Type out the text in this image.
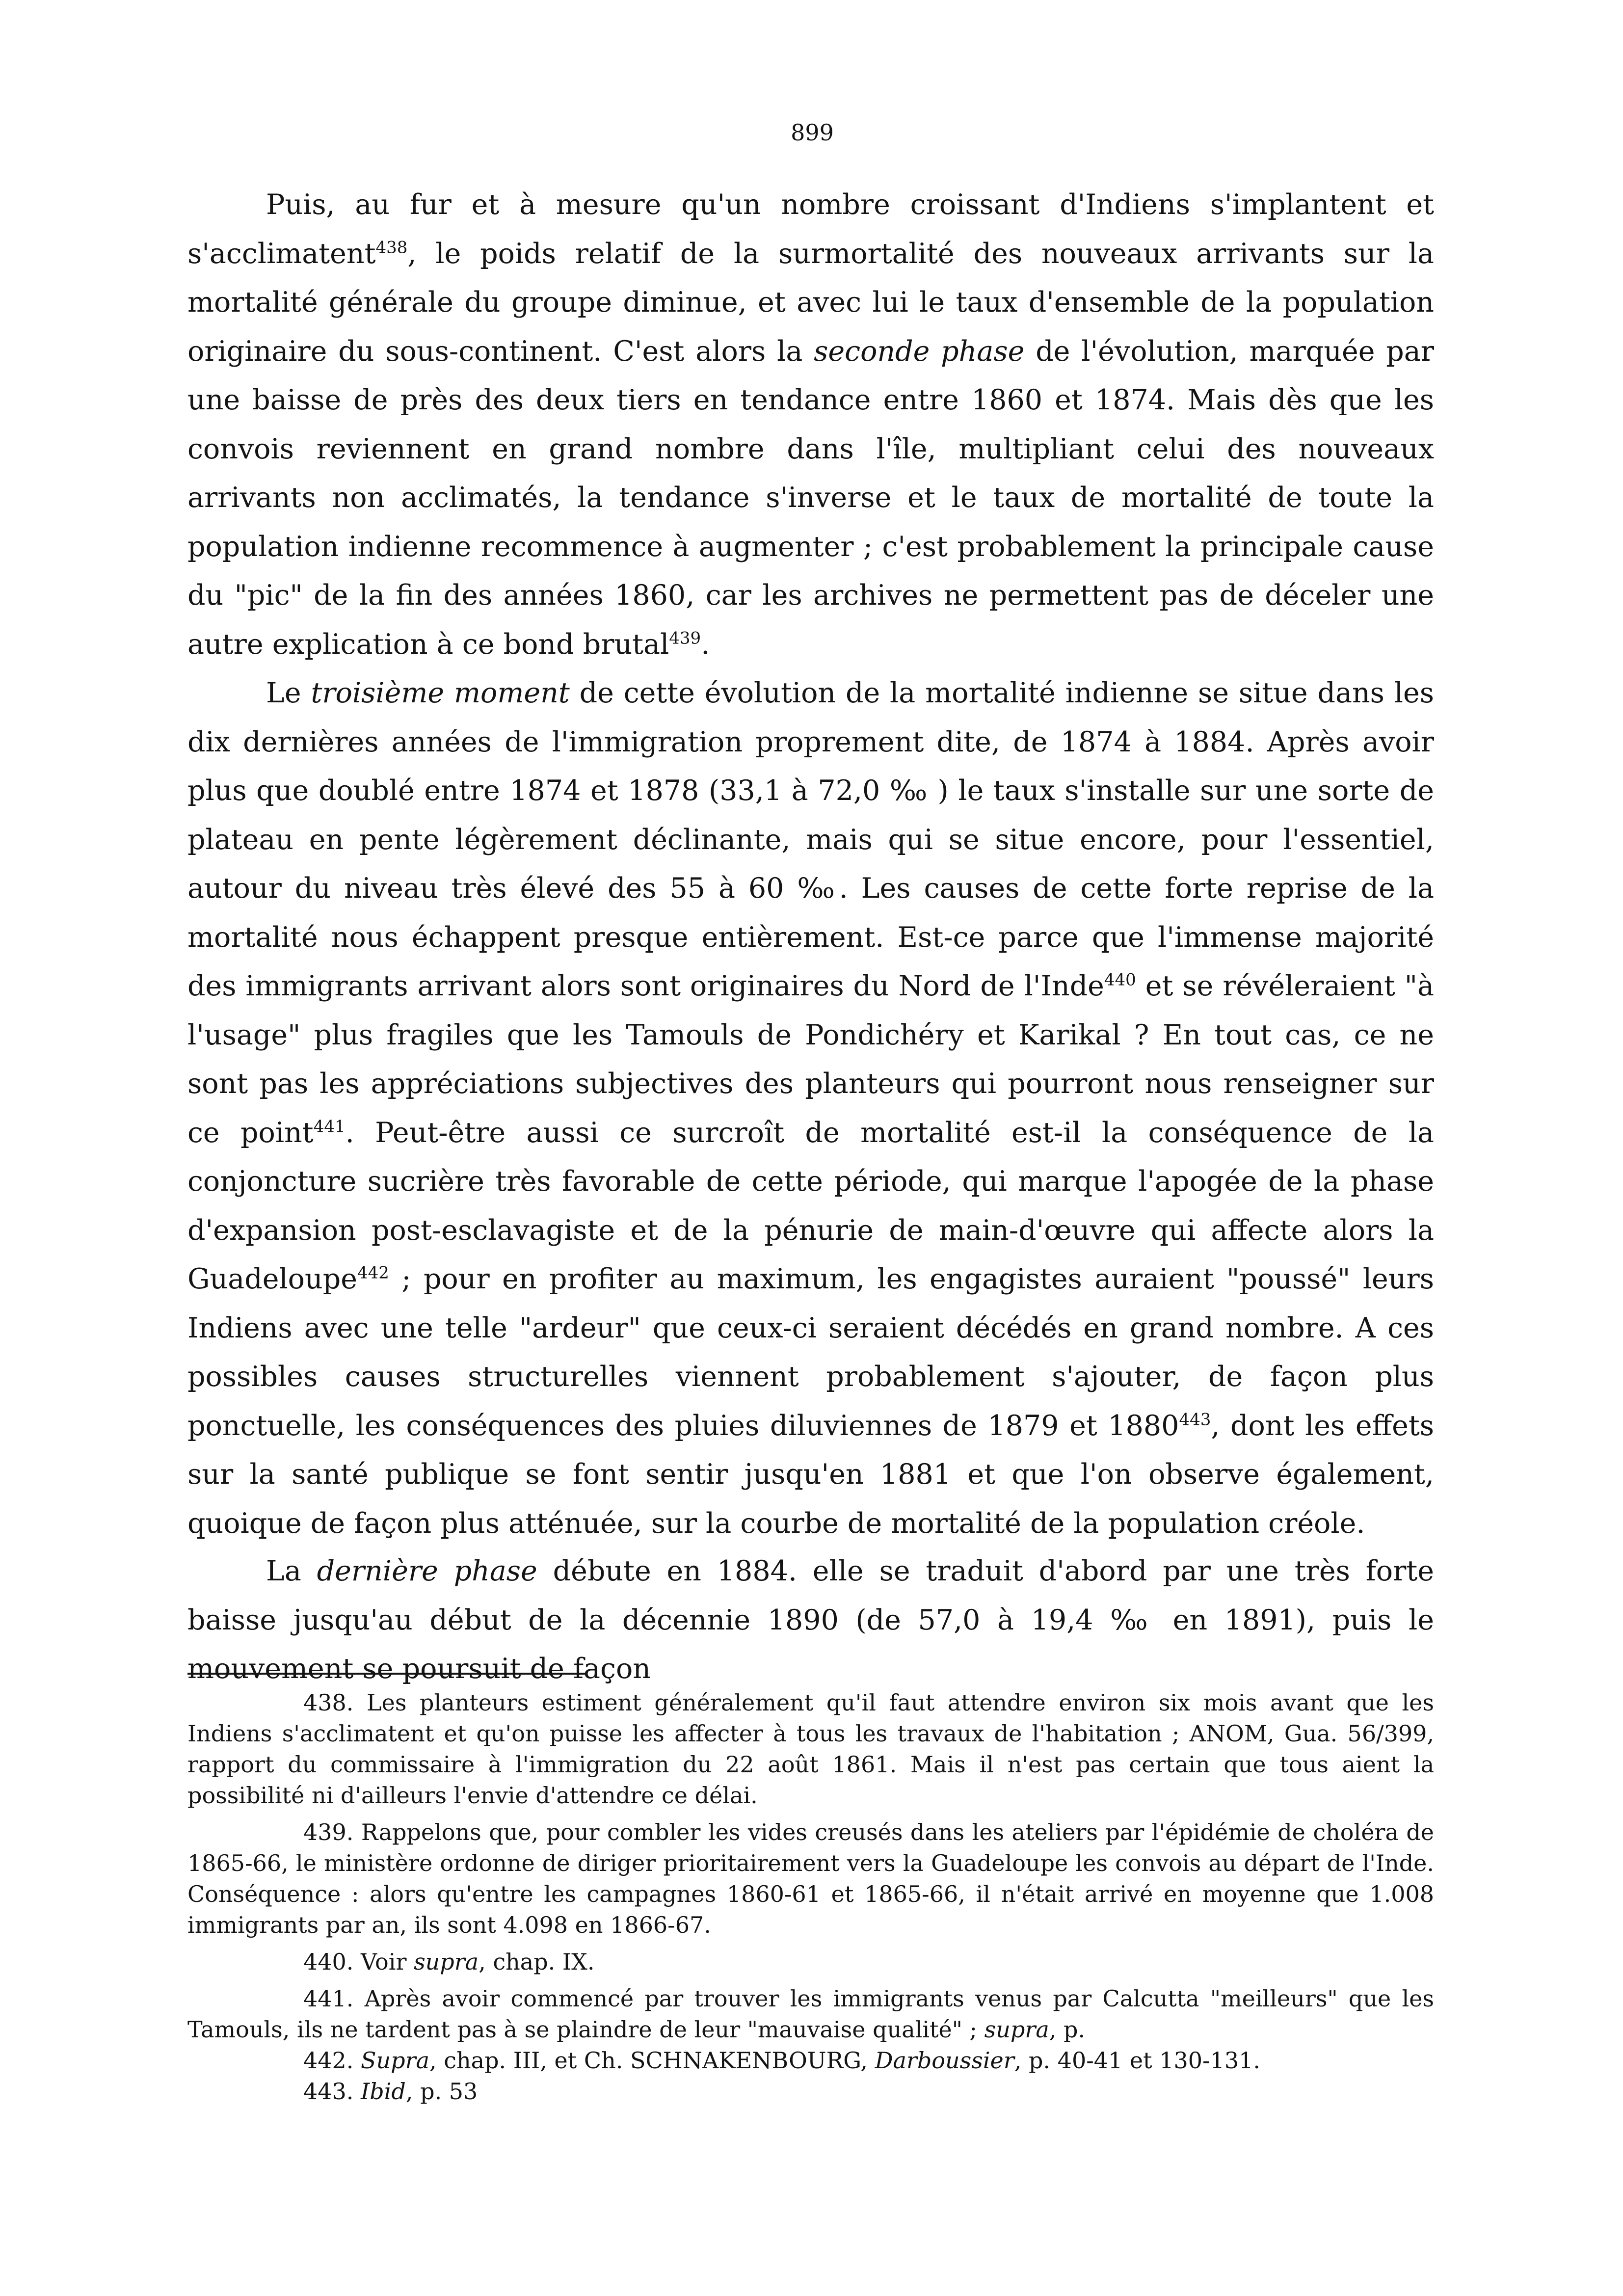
899

Puis, au fur et à mesure qu'un nombre croissant d'Indiens s'implantent et s'acclimatent$^{438}$, le poids relatif de la surmortalité des nouveaux arrivants sur la mortalité générale du groupe diminue, et avec lui le taux d'ensemble de la population originaire du sous-continent. C'est alors la seconde phase de l'évolution, marquée par une baisse de près des deux tiers en tendance entre 1860 et 1874. Mais dès que les convois reviennent en grand nombre dans l'île, multipliant celui des nouveaux arrivants non acclimatés, la tendance s'inverse et le taux de mortalité de toute la population indienne recommence à augmenter ; c'est probablement la principale cause du "pic" de la fin des années 1860, car les archives ne permettent pas de déceler une autre explication à ce bond brutal$^{439}$.

Le troisième moment de cette évolution de la mortalité indienne se situe dans les dix dernières années de l'immigration proprement dite, de 1874 à 1884. Après avoir plus que doublé entre 1874 et 1878 (33,1 à 72,0 ‰ ) le taux s'installe sur une sorte de plateau en pente légèrement déclinante, mais qui se situe encore, pour l'essentiel, autour du niveau très élevé des 55 à 60 ‰. Les causes de cette forte reprise de la mortalité nous échappent presque entièrement. Est-ce parce que l'immense majorité des immigrants arrivant alors sont originaires du Nord de l'Inde$^{440}$ et se révéleraient "à l'usage" plus fragiles que les Tamouls de Pondichéry et Karikal ? En tout cas, ce ne sont pas les appréciations subjectives des planteurs qui pourront nous renseigner sur ce point$^{441}$. Peut-être aussi ce surcroît de mortalité est-il la conséquence de la conjoncture sucrière très favorable de cette période, qui marque l'apogée de la phase d'expansion post-esclavagiste et de la pénurie de main-d'œuvre qui affecte alors la Guadeloupe$^{442}$ ; pour en profiter au maximum, les engagistes auraient "poussé" leurs Indiens avec une telle "ardeur" que ceux-ci seraient décédés en grand nombre. A ces possibles causes structurelles viennent probablement s'ajouter, de façon plus ponctuelle, les conséquences des pluies diluviennes de 1879 et 1880$^{443}$, dont les effets sur la santé publique se font sentir jusqu'en 1881 et que l'on observe également, quoique de façon plus atténuée, sur la courbe de mortalité de la population créole.

La dernière phase débute en 1884. elle se traduit d'abord par une très forte baisse jusqu'au début de la décennie 1890 (de 57,0 à 19,4 ‰ en 1891), puis le mouvement se poursuit de façon

438. Les planteurs estiment généralement qu'il faut attendre environ six mois avant que les Indiens s'acclimatent et qu'on puisse les affecter à tous les travaux de l'habitation ; ANOM, Gua. 56/399, rapport du commissaire à l'immigration du 22 août 1861. Mais il n'est pas certain que tous aient la possibilité ni d'ailleurs l'envie d'attendre ce délai.

439. Rappelons que, pour combler les vides creusés dans les ateliers par l'épidémie de choléra de 1865-66, le ministère ordonne de diriger prioritairement vers la Guadeloupe les convois au départ de l'Inde. Conséquence : alors qu'entre les campagnes 1860-61 et 1865-66, il n'était arrivé en moyenne que 1.008 immigrants par an, ils sont 4.098 en 1866-67.

440. Voir supra, chap. IX.

441. Après avoir commencé par trouver les immigrants venus par Calcutta "meilleurs" que les Tamouls, ils ne tardent pas à se plaindre de leur "mauvaise qualité" ; supra, p.

442. Supra, chap. III, et Ch. SCHNAKENBOURG, Darboussier, p. 40-41 et 130-131.

443. Ibid, p. 53
